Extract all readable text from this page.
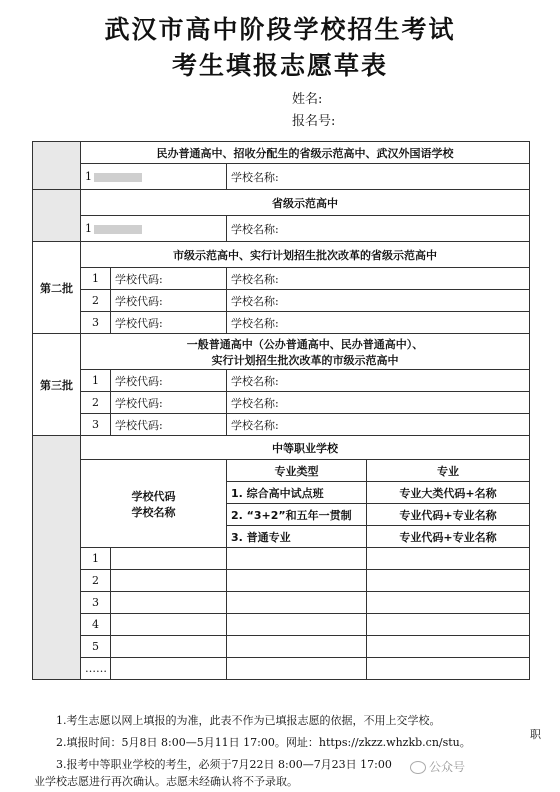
武汉市高中阶段学校招生考试
考生填报志愿草表
姓名:
报名号:
	民办普通高中、招收分配生的省级示范高中、武汉外国语学校			
	1		学校名称:	
	省级示范高中			
	1		学校名称:	
第二批	市级示范高中、实行计划招生批次改革的省级示范高中			
	1	学校代码:	学校名称:	
	2	学校代码:	学校名称:	
	3	学校代码:	学校名称:	
第三批	一般普通高中（公办普通高中、民办普通高中）、
实行计划招生批次改革的市级示范高中			

	1	学校代码:	学校名称:	
	2	学校代码:	学校名称:	
	3	学校代码:	学校名称:	
	中等职业学校			

	学校代码
学校名称		专业类型	专业
			1. 综合高中试点班	专业大类代码+名称
			2. “3+2”和五年一贯制	专业代码+专业名称
			3. 普通专业	专业代码+专业名称
	1			
	2			
	3			
	4			
	5			
	……			
1.考生志愿以网上填报的为准，此表不作为已填报志愿的依据，不用上交学校。
2.填报时间：5月8日 8:00—5月11日 17:00。网址：https://zkzz.whzkb.cn/stu。
3.报考中等职业学校的考生，必须于7月22日 8:00—7月23日 17:00
业学校志愿进行再次确认。志愿未经确认将不予录取。
职
公众号
